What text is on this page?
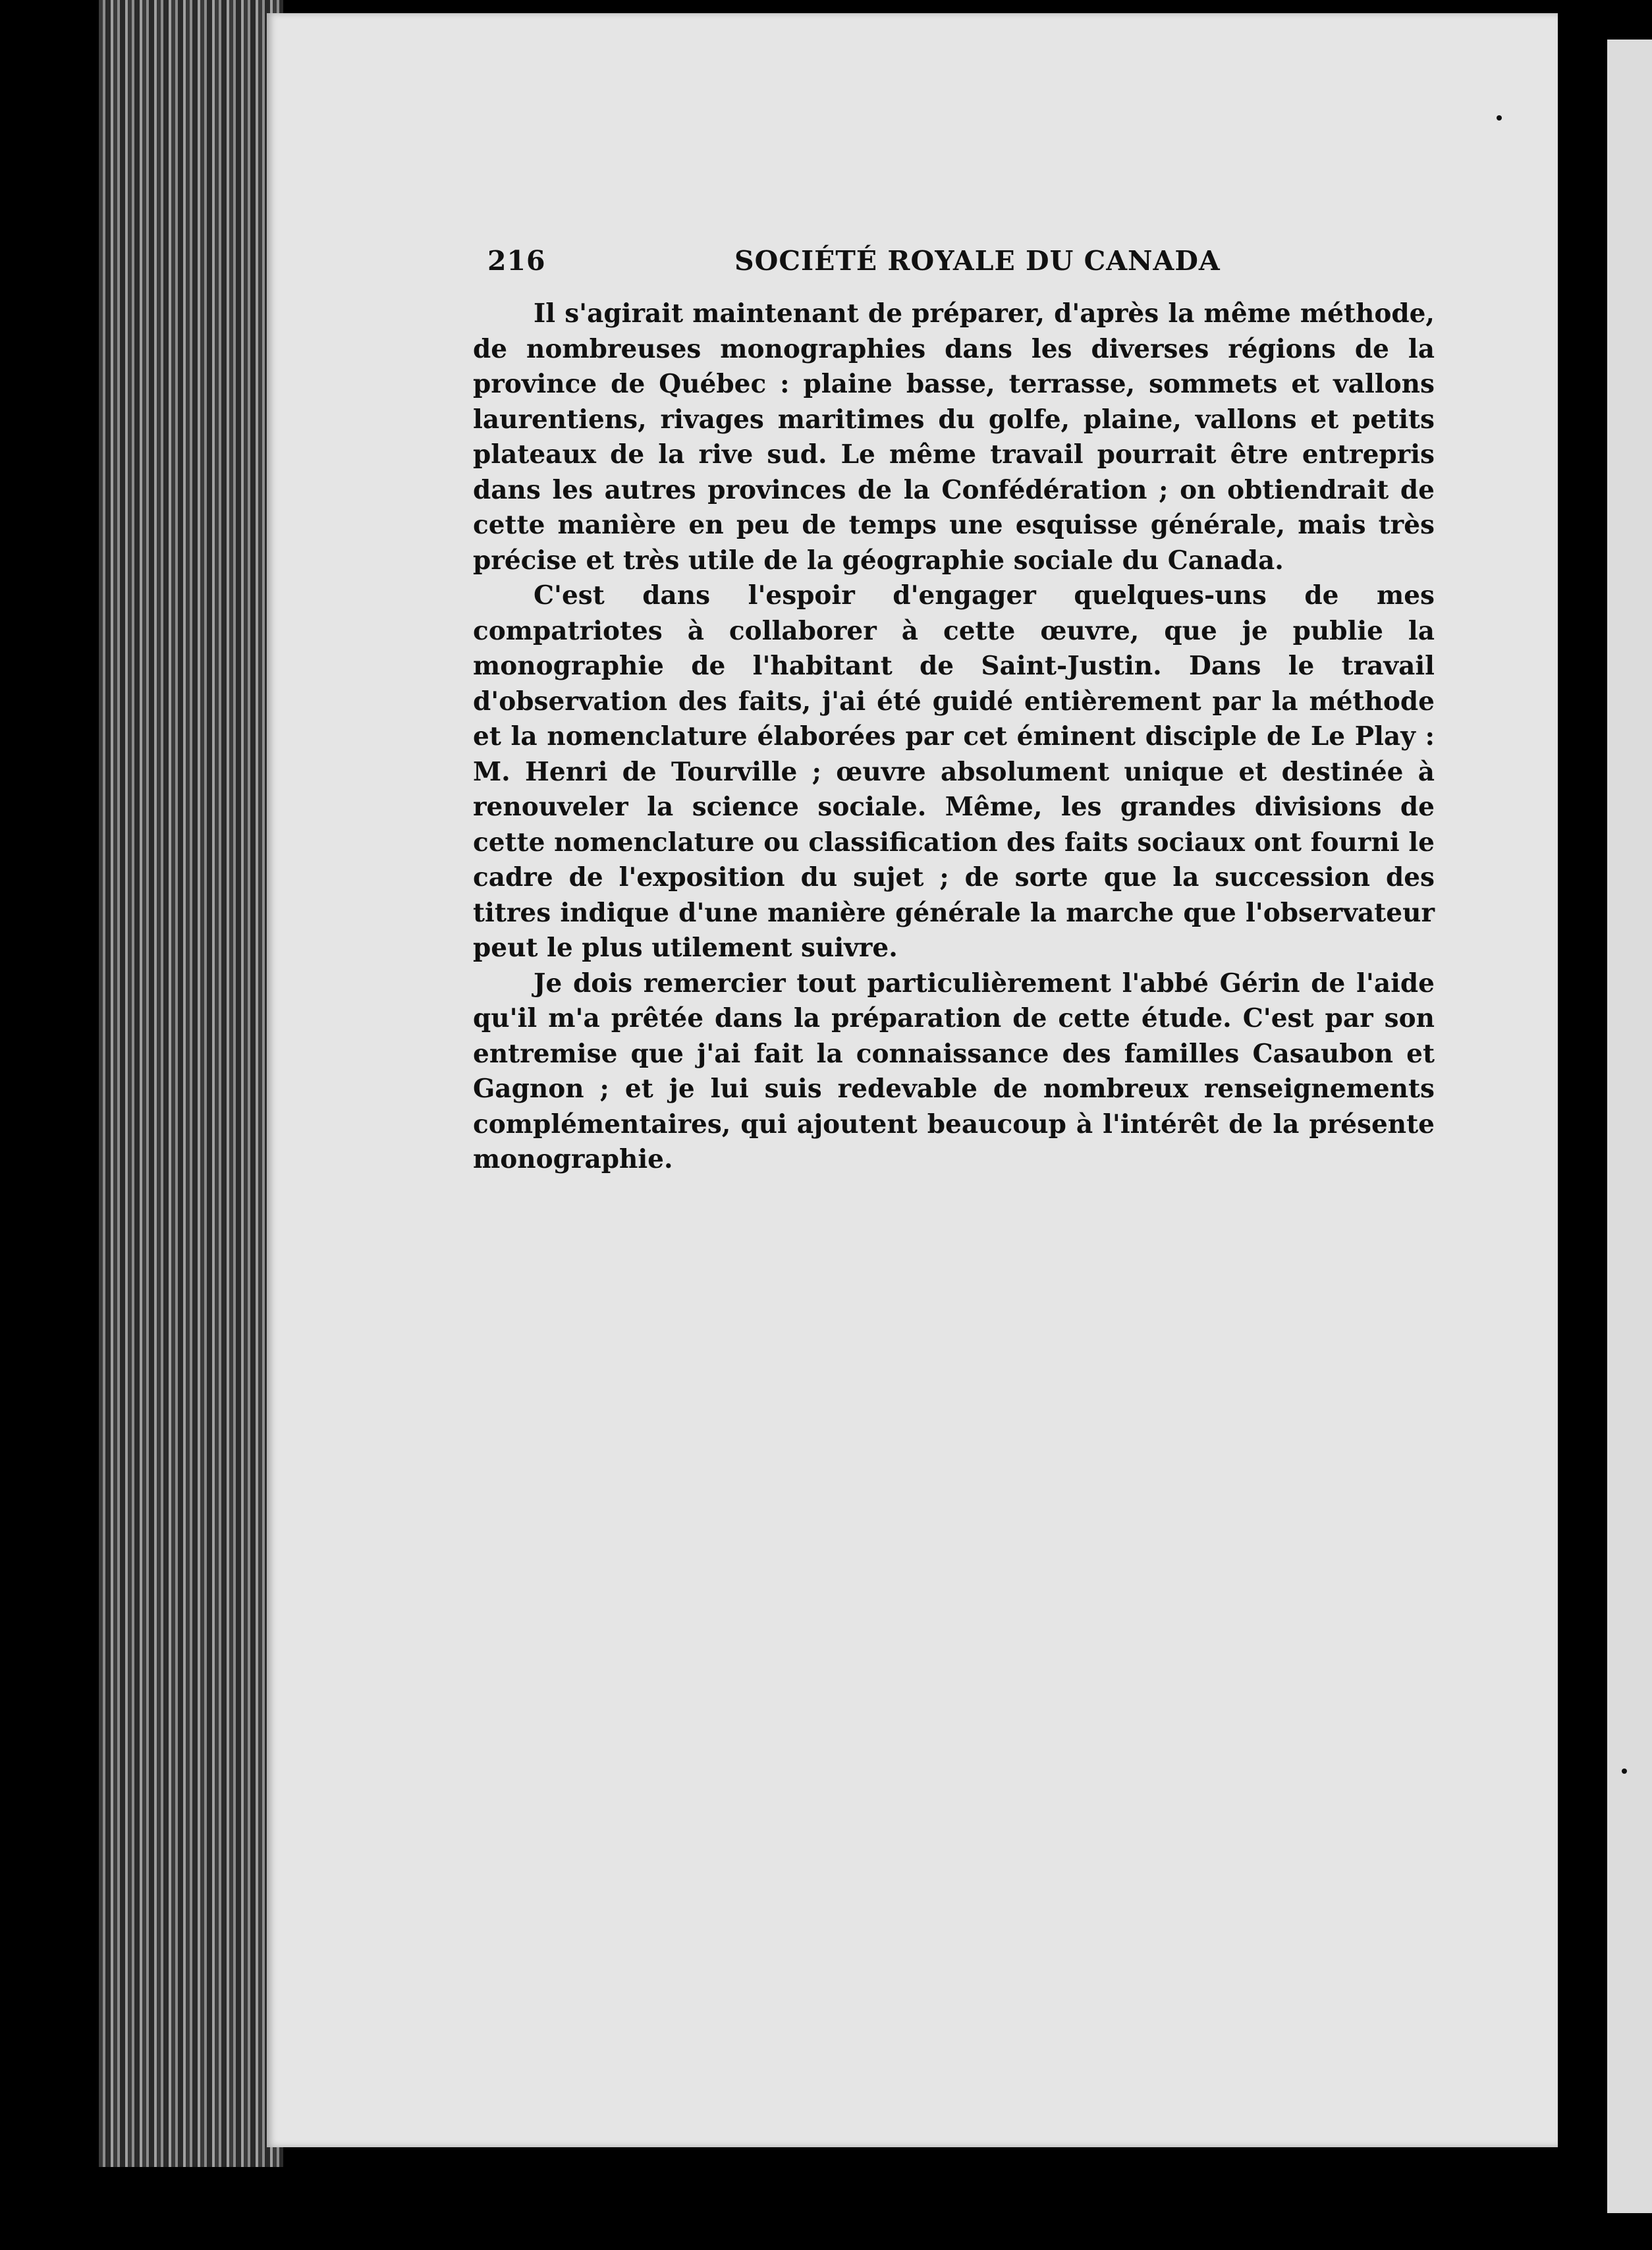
216	SOCIÉTÉ ROYALE DU CANADA

Il s'agirait maintenant de préparer, d'après la même méthode, de nombreuses monographies dans les diverses régions de la province de Québec : plaine basse, terrasse, sommets et vallons laurentiens, rivages maritimes du golfe, plaine, vallons et petits plateaux de la rive sud. Le même travail pourrait être entrepris dans les autres provinces de la Confédération ; on obtiendrait de cette manière en peu de temps une esquisse générale, mais très précise et très utile de la géographie sociale du Canada.

C'est dans l'espoir d'engager quelques-uns de mes compatriotes à collaborer à cette œuvre, que je publie la monographie de l'habitant de Saint-Justin. Dans le travail d'observation des faits, j'ai été guidé entièrement par la méthode et la nomenclature élaborées par cet éminent disciple de Le Play : M. Henri de Tourville ; œuvre absolument unique et destinée à renouveler la science sociale. Même, les grandes divisions de cette nomenclature ou classification des faits sociaux ont fourni le cadre de l'exposition du sujet ; de sorte que la succession des titres indique d'une manière générale la marche que l'observateur peut le plus utilement suivre.

Je dois remercier tout particulièrement l'abbé Gérin de l'aide qu'il m'a prêtée dans la préparation de cette étude. C'est par son entremise que j'ai fait la connaissance des familles Casaubon et Gagnon ; et je lui suis redevable de nombreux renseignements complémentaires, qui ajoutent beaucoup à l'intérêt de la présente monographie.
